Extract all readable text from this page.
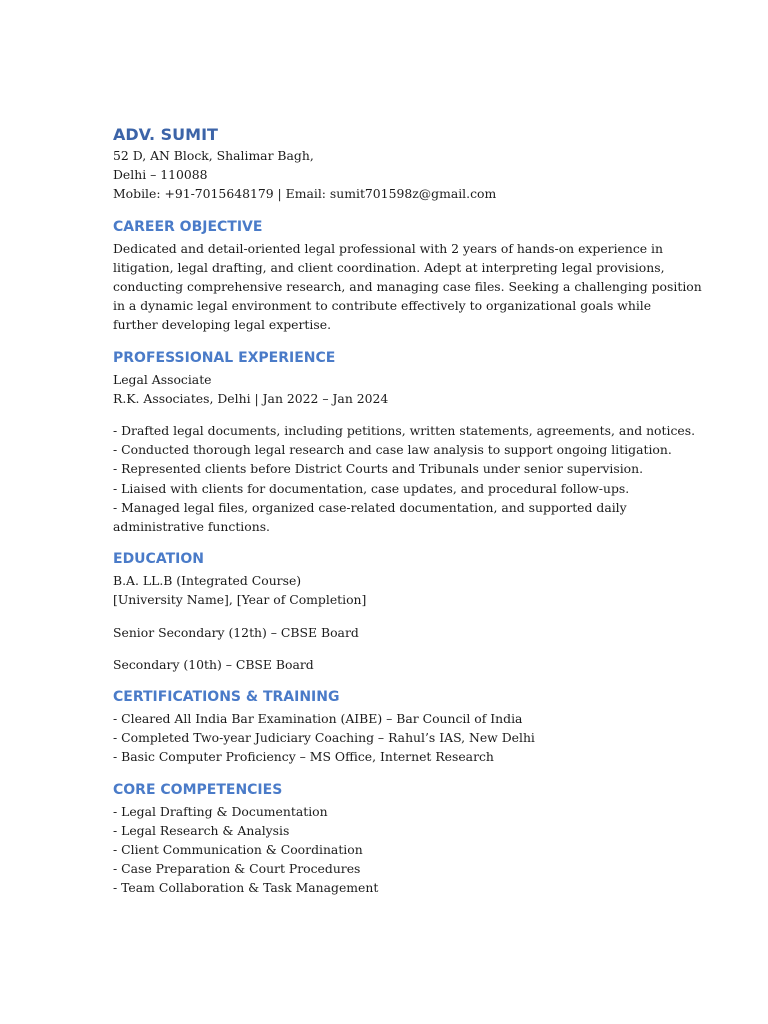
ADV. SUMIT
52 D, AN Block, Shalimar Bagh,
Delhi – 110088
Mobile: +91-7015648179 | Email: sumit701598z@gmail.com
CAREER OBJECTIVE
Dedicated and detail-oriented legal professional with 2 years of hands-on experience in
litigation, legal drafting, and client coordination. Adept at interpreting legal provisions,
conducting comprehensive research, and managing case files. Seeking a challenging position
in a dynamic legal environment to contribute effectively to organizational goals while
further developing legal expertise.
PROFESSIONAL EXPERIENCE
Legal Associate
R.K. Associates, Delhi | Jan 2022 – Jan 2024
- Drafted legal documents, including petitions, written statements, agreements, and notices.
- Conducted thorough legal research and case law analysis to support ongoing litigation.
- Represented clients before District Courts and Tribunals under senior supervision.
- Liaised with clients for documentation, case updates, and procedural follow-ups.
- Managed legal files, organized case-related documentation, and supported daily
administrative functions.
EDUCATION
B.A. LL.B (Integrated Course)
[University Name], [Year of Completion]
Senior Secondary (12th) – CBSE Board
Secondary (10th) – CBSE Board
CERTIFICATIONS & TRAINING
- Cleared All India Bar Examination (AIBE) – Bar Council of India
- Completed Two-year Judiciary Coaching – Rahul’s IAS, New Delhi
- Basic Computer Proficiency – MS Office, Internet Research
CORE COMPETENCIES
- Legal Drafting & Documentation
- Legal Research & Analysis
- Client Communication & Coordination
- Case Preparation & Court Procedures
- Team Collaboration & Task Management
